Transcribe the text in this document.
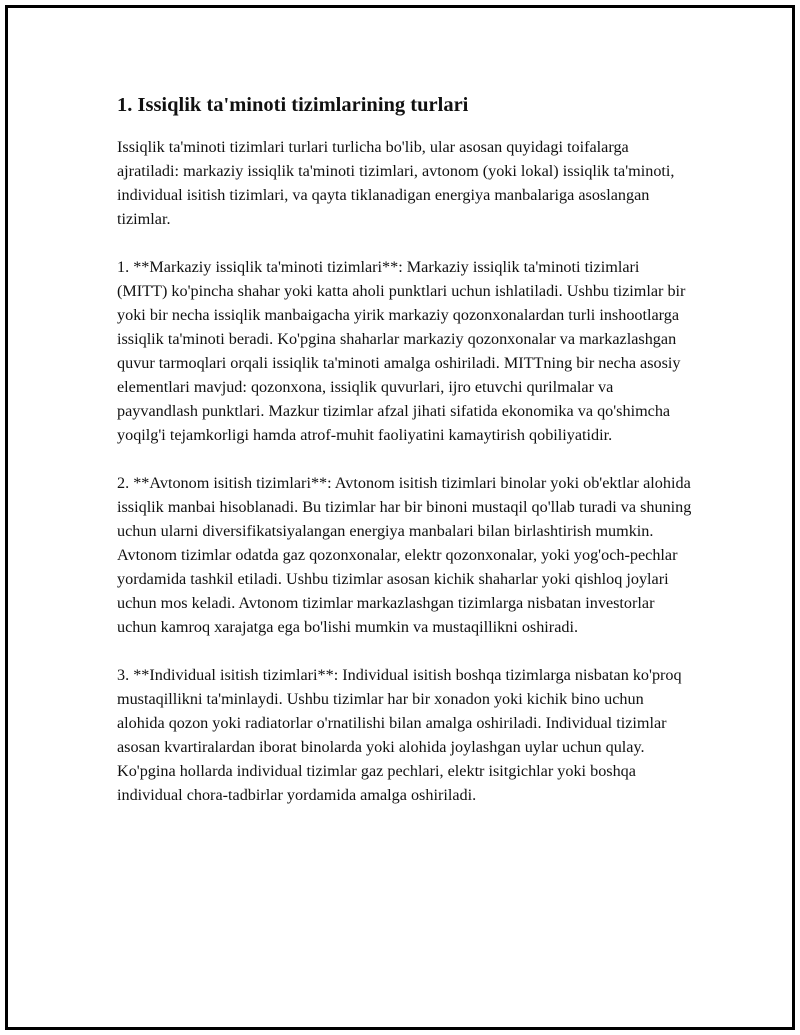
1. Issiqlik ta'minoti tizimlarining turlari

Issiqlik ta'minoti tizimlari turlari turlicha bo'lib, ular asosan quyidagi toifalarga ajratiladi: markaziy issiqlik ta'minoti tizimlari, avtonom (yoki lokal) issiqlik ta'minoti, individual isitish tizimlari, va qayta tiklanadigan energiya manbalariga asoslangan tizimlar.

1. **Markaziy issiqlik ta'minoti tizimlari**: Markaziy issiqlik ta'minoti tizimlari (MITT) ko'pincha shahar yoki katta aholi punktlari uchun ishlatiladi. Ushbu tizimlar bir yoki bir necha issiqlik manbaigacha yirik markaziy qozonxonalardan turli inshootlarga issiqlik ta'minoti beradi. Ko'pgina shaharlar markaziy qozonxonalar va markazlashgan quvur tarmoqlari orqali issiqlik ta'minoti amalga oshiriladi. MITTning bir necha asosiy elementlari mavjud: qozonxona, issiqlik quvurlari, ijro etuvchi qurilmalar va payvandlash punktlari. Mazkur tizimlar afzal jihati sifatida ekonomika va qo'shimcha yoqilg'i tejamkorligi hamda atrof-muhit faoliyatini kamaytirish qobiliyatidir.

2. **Avtonom isitish tizimlari**: Avtonom isitish tizimlari binolar yoki ob'ektlar alohida issiqlik manbai hisoblanadi. Bu tizimlar har bir binoni mustaqil qo'llab turadi va shuning uchun ularni diversifikatsiyalangan energiya manbalari bilan birlashtirish mumkin. Avtonom tizimlar odatda gaz qozonxonalar, elektr qozonxonalar, yoki yog'och-pechlar yordamida tashkil etiladi. Ushbu tizimlar asosan kichik shaharlar yoki qishloq joylari uchun mos keladi. Avtonom tizimlar markazlashgan tizimlarga nisbatan investorlar uchun kamroq xarajatga ega bo'lishi mumkin va mustaqillikni oshiradi.

3. **Individual isitish tizimlari**: Individual isitish boshqa tizimlarga nisbatan ko'proq mustaqillikni ta'minlaydi. Ushbu tizimlar har bir xonadon yoki kichik bino uchun alohida qozon yoki radiatorlar o'rnatilishi bilan amalga oshiriladi. Individual tizimlar asosan kvartiralardan iborat binolarda yoki alohida joylashgan uylar uchun qulay. Ko'pgina hollarda individual tizimlar gaz pechlari, elektr isitgichlar yoki boshqa individual chora-tadbirlar yordamida amalga oshiriladi.
